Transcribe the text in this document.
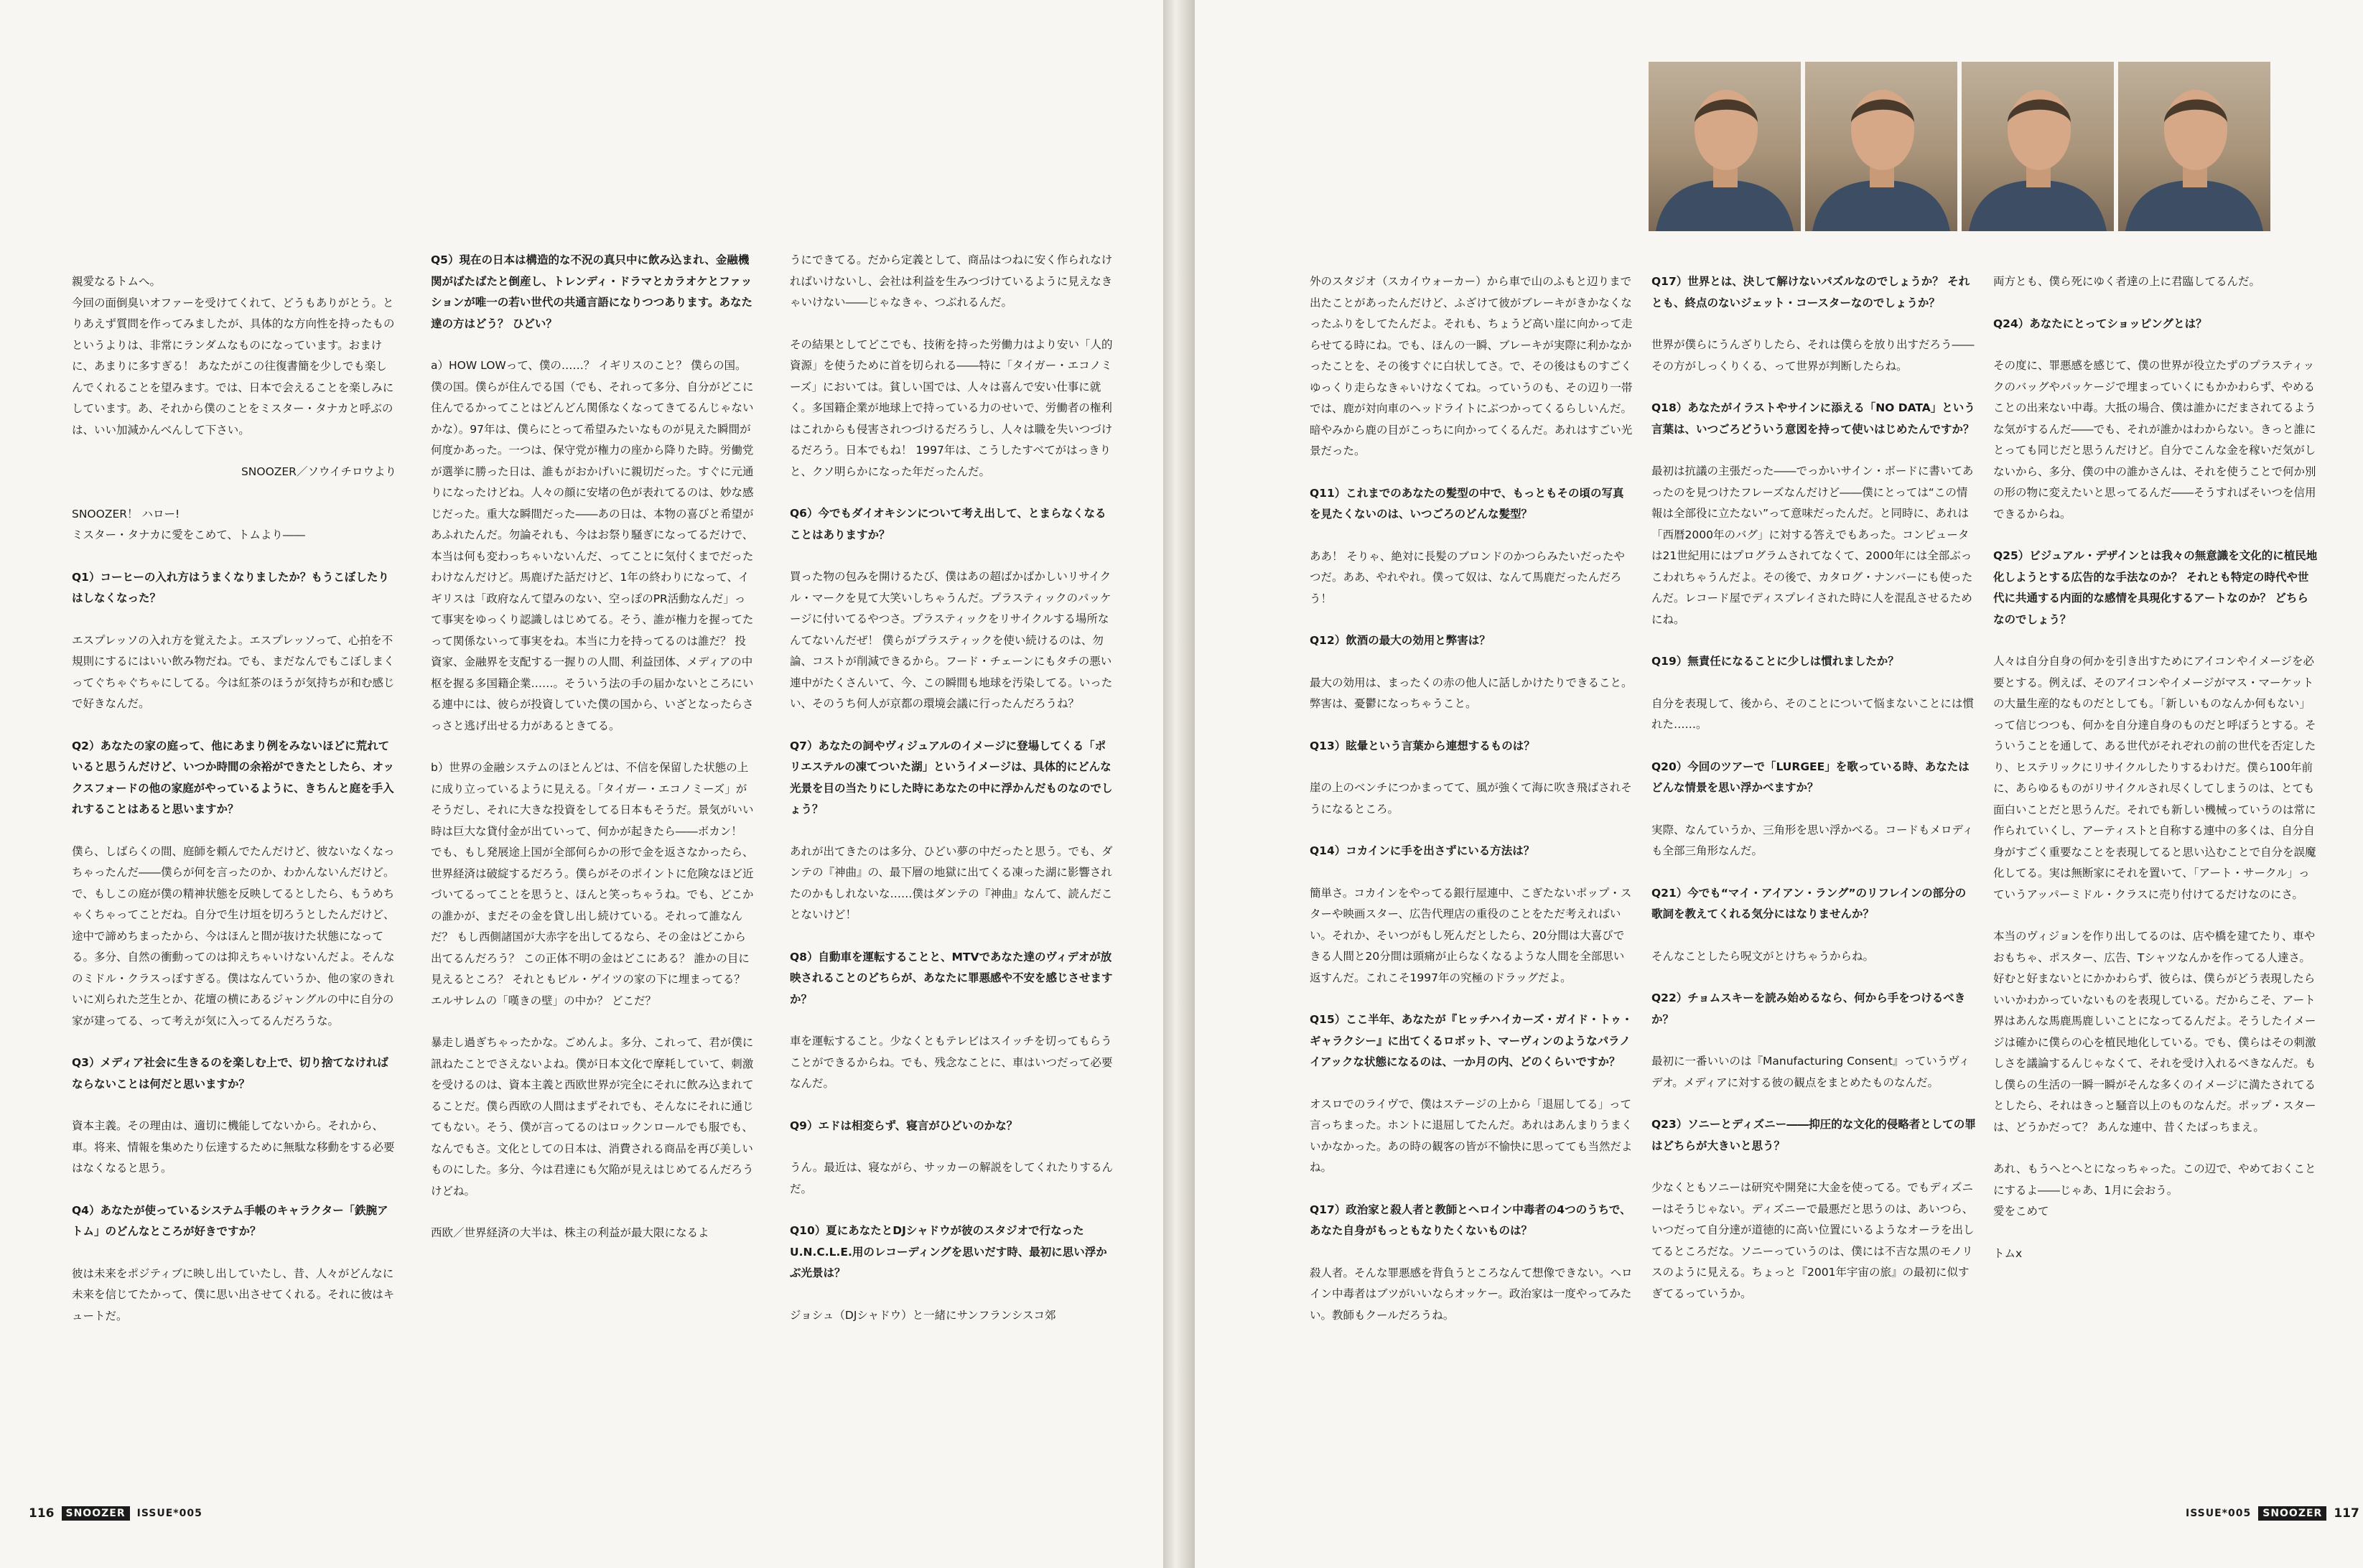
親愛なるトムへ。
今回の面倒臭いオファーを受けてくれて、どうもありがとう。とりあえず質問を作ってみましたが、具体的な方向性を持ったものというよりは、非常にランダムなものになっています。おまけに、あまりに多すぎる！ あなたがこの往復書簡を少しでも楽しんでくれることを望みます。では、日本で会えることを楽しみにしています。あ、それから僕のことをミスター・タナカと呼ぶのは、いい加減かんべんして下さい。

SNOOZER／ソウイチロウより

SNOOZER！ ハロー!
ミスター・タナカに愛をこめて、トムより――

Q1）コーヒーの入れ方はうまくなりましたか？もうこぼしたりはしなくなった？

エスプレッソの入れ方を覚えたよ。エスプレッソって、心拍を不規則にするにはいい飲み物だね。でも、まだなんでもこぼしまくってぐちゃぐちゃにしてる。今は紅茶のほうが気持ちが和む感じで好きなんだ。

Q2）あなたの家の庭って、他にあまり例をみないほどに荒れていると思うんだけど、いつか時間の余裕ができたとしたら、オックスフォードの他の家庭がやっているように、きちんと庭を手入れすることはあると思いますか？

僕ら、しばらくの間、庭師を頼んでたんだけど、彼ないなくなっちゃったんだ――僕らが何を言ったのか、わかんないんだけど。で、もしこの庭が僕の精神状態を反映してるとしたら、もうめちゃくちゃってことだね。自分で生け垣を切ろうとしたんだけど、途中で諦めちまったから、今はほんと間が抜けた状態になってる。多分、自然の衝動ってのは抑えちゃいけないんだよ。そんなのミドル・クラスっぽすぎる。僕はなんていうか、他の家のきれいに刈られた芝生とか、花壇の横にあるジャングルの中に自分の家が建ってる、って考えが気に入ってるんだろうな。

Q3）メディア社会に生きるのを楽しむ上で、切り捨てなければならないことは何だと思いますか？

資本主義。その理由は、適切に機能してないから。それから、車。将来、情報を集めたり伝達するために無駄な移動をする必要はなくなると思う。

Q4）あなたが使っているシステム手帳のキャラクター「鉄腕アトム」のどんなところが好きですか？

彼は未来をポジティブに映し出していたし、昔、人々がどんなに未来を信じてたかって、僕に思い出させてくれる。それに彼はキュートだ。

Q5）現在の日本は構造的な不況の真只中に飲み込まれ、金融機関がばたばたと倒産し、トレンディ・ドラマとカラオケとファッションが唯一の若い世代の共通言語になりつつあります。あなた達の方はどう？ ひどい？

a）HOW LOWって、僕の……？ イギリスのこと？ 僕らの国。僕の国。僕らが住んでる国（でも、それって多分、自分がどこに住んでるかってことはどんどん関係なくなってきてるんじゃないかな）。97年は、僕らにとって希望みたいなものが見えた瞬間が何度かあった。一つは、保守党が権力の座から降りた時。労働党が選挙に勝った日は、誰もがおかげいに親切だった。すぐに元通りになったけどね。人々の顔に安堵の色が表れてるのは、妙な感じだった。重大な瞬間だった――あの日は、本物の喜びと希望があふれたんだ。勿論それも、今はお祭り騒ぎになってるだけで、本当は何も変わっちゃいないんだ、ってことに気付くまでだったわけなんだけど。馬鹿げた話だけど、1年の終わりになって、イギリスは「政府なんて望みのない、空っぽのPR活動なんだ」って事実をゆっくり認識しはじめてる。そう、誰が権力を握ってたって関係ないって事実をね。本当に力を持ってるのは誰だ？ 投資家、金融界を支配する一握りの人間、利益団体、メディアの中枢を握る多国籍企業……。そういう法の手の届かないところにいる連中には、彼らが投資していた僕の国から、いざとなったらさっさと逃げ出せる力があるときてる。

b）世界の金融システムのほとんどは、不信を保留した状態の上に成り立っているように見える。「タイガー・エコノミーズ」がそうだし、それに大きな投資をしてる日本もそうだ。景気がいい時は巨大な貸付金が出ていって、何かが起きたら――ボカン！ でも、もし発展途上国が全部何らかの形で金を返さなかったら、世界経済は破綻するだろう。僕らがそのポイントに危険なほど近づいてるってことを思うと、ほんと笑っちゃうね。でも、どこかの誰かが、まだその金を貸し出し続けている。それって誰なんだ？ もし西側諸国が大赤字を出してるなら、その金はどこから出てるんだろう？ この正体不明の金はどこにある？ 誰かの目に見えるところ？ それともビル・ゲイツの家の下に埋まってる？ エルサレムの「嘆きの壁」の中か？ どこだ？

暴走し過ぎちゃったかな。ごめんよ。多分、これって、君が僕に訊ねたことでさえないよね。僕が日本文化で摩耗していて、刺激を受けるのは、資本主義と西欧世界が完全にそれに飲み込まれてることだ。僕ら西欧の人間はまずそれでも、そんなにそれに通じてもない。そう、僕が言ってるのはロックンロールでも服でも、なんでもさ。文化としての日本は、消費される商品を再び美しいものにした。多分、今は君達にも欠陥が見えはじめてるんだろうけどね。

西欧／世界経済の大半は、株主の利益が最大限になるよ

うにできてる。だから定義として、商品はつねに安く作られなければいけないし、会社は利益を生みつづけているように見えなきゃいけない――じゃなきゃ、つぶれるんだ。

その結果としてどこでも、技術を持った労働力はより安い「人的資源」を使うために首を切られる――特に「タイガー・エコノミーズ」においては。貧しい国では、人々は喜んで安い仕事に就く。多国籍企業が地球上で持っている力のせいで、労働者の権利はこれからも侵害されつづけるだろうし、人々は職を失いつづけるだろう。日本でもね！ 1997年は、こうしたすべてがはっきりと、クソ明らかになった年だったんだ。

Q6）今でもダイオキシンについて考え出して、とまらなくなることはありますか？

買った物の包みを開けるたび、僕はあの超ばかばかしいリサイクル・マークを見て大笑いしちゃうんだ。プラスティックのパッケージに付いてるやつさ。プラスティックをリサイクルする場所なんてないんだぜ！ 僕らがプラスティックを使い続けるのは、勿論、コストが削減できるから。フード・チェーンにもタチの悪い連中がたくさんいて、今、この瞬間も地球を汚染してる。いったい、そのうち何人が京都の環境会議に行ったんだろうね？

Q7）あなたの詞やヴィジュアルのイメージに登場してくる「ポリエステルの凍てついた湖」というイメージは、具体的にどんな光景を目の当たりにした時にあなたの中に浮かんだものなのでしょう？

あれが出てきたのは多分、ひどい夢の中だったと思う。でも、ダンテの『神曲』の、最下層の地獄に出てくる凍った湖に影響されたのかもしれないな……僕はダンテの『神曲』なんて、読んだことないけど！

Q8）自動車を運転することと、MTVであなた達のヴィデオが放映されることのどちらが、あなたに罪悪感や不安を感じさせますか？

車を運転すること。少なくともテレビはスイッチを切ってもらうことができるからね。でも、残念なことに、車はいつだって必要なんだ。

Q9）エドは相変らず、寝言がひどいのかな？

うん。最近は、寝ながら、サッカーの解説をしてくれたりするんだ。

Q10）夏にあなたとDJシャドウが彼のスタジオで行なったU.N.C.L.E.用のレコーディングを思いだす時、最初に思い浮かぶ光景は？

ジョシュ（DJシャドウ）と一緒にサンフランシスコ郊

116	SNOOZER	ISSUE*005

外のスタジオ（スカイウォーカー）から車で山のふもと辺りまで出たことがあったんだけど、ふざけて彼がブレーキがきかなくなったふりをしてたんだよ。それも、ちょうど高い崖に向かって走らせてる時にね。でも、ほんの一瞬、ブレーキが実際に利かなかったことを、その後すぐに白状してさ。で、その後はものすごくゆっくり走らなきゃいけなくてね。っていうのも、その辺り一帯では、鹿が対向車のヘッドライトにぶつかってくるらしいんだ。暗やみから鹿の目がこっちに向かってくるんだ。あれはすごい光景だった。

Q11）これまでのあなたの髪型の中で、もっともその頃の写真を見たくないのは、いつごろのどんな髪型？

ああ！ そりゃ、絶対に長髪のブロンドのかつらみたいだったやつだ。ああ、やれやれ。僕って奴は、なんて馬鹿だったんだろう！

Q12）飲酒の最大の効用と弊害は？

最大の効用は、まったくの赤の他人に話しかけたりできること。弊害は、憂鬱になっちゃうこと。

Q13）眩暈という言葉から連想するものは？

崖の上のベンチにつかまってて、風が強くて海に吹き飛ばされそうになるところ。

Q14）コカインに手を出さずにいる方法は？

簡単さ。コカインをやってる銀行屋連中、こぎたないポップ・スターや映画スター、広告代理店の重役のことをただ考えればいい。それか、そいつがもし死んだとしたら、20分間は大喜びできる人間と20分間は頭痛が止らなくなるような人間を全部思い返すんだ。これこそ1997年の究極のドラッグだよ。

Q15）ここ半年、あなたが『ヒッチハイカーズ・ガイド・トゥ・ギャラクシー』に出てくるロボット、マーヴィンのようなパラノイアックな状態になるのは、一か月の内、どのくらいですか？

オスロでのライヴで、僕はステージの上から「退屈してる」って言っちまった。ホントに退屈してたんだ。あれはあんまりうまくいかなかった。あの時の観客の皆が不愉快に思ってても当然だよね。

Q17）政治家と殺人者と教師とヘロイン中毒者の4つのうちで、あなた自身がもっともなりたくないものは？

殺人者。そんな罪悪感を背負うところなんて想像できない。ヘロイン中毒者はブツがいいならオッケー。政治家は一度やってみたい。教師もクールだろうね。

Q17）世界とは、決して解けないパズルなのでしょうか？ それとも、終点のないジェット・コースターなのでしょうか？

世界が僕らにうんざりしたら、それは僕らを放り出すだろう――その方がしっくりくる、って世界が判断したらね。

Q18）あなたがイラストやサインに添える「NO DATA」という言葉は、いつごろどういう意図を持って使いはじめたんですか？

最初は抗議の主張だった――でっかいサイン・ボードに書いてあったのを見つけたフレーズなんだけど――僕にとっては“この情報は全部役に立たない”って意味だったんだ。と同時に、あれは「西暦2000年のバグ」に対する答えでもあった。コンピュータは21世紀用にはプログラムされてなくて、2000年には全部ぶっこわれちゃうんだよ。その後で、カタログ・ナンバーにも使ったんだ。レコード屋でディスプレイされた時に人を混乱させるためにね。

Q19）無責任になることに少しは慣れましたか？

自分を表現して、後から、そのことについて悩まないことには慣れた……。

Q20）今回のツアーで「LURGEE」を歌っている時、あなたはどんな情景を思い浮かべますか？

実際、なんていうか、三角形を思い浮かべる。コードもメロディも全部三角形なんだ。

Q21）今でも“マイ・アイアン・ラング”のリフレインの部分の歌詞を教えてくれる気分にはなりませんか？

そんなことしたら呪文がとけちゃうからね。

Q22）チョムスキーを読み始めるなら、何から手をつけるべきか？

最初に一番いいのは『Manufacturing Consent』っていうヴィデオ。メディアに対する彼の観点をまとめたものなんだ。

Q23）ソニーとディズニー――抑圧的な文化的侵略者としての罪はどちらが大きいと思う？

少なくともソニーは研究や開発に大金を使ってる。でもディズニーはそうじゃない。ディズニーで最悪だと思うのは、あいつら、いつだって自分達が道徳的に高い位置にいるようなオーラを出してるところだな。ソニーっていうのは、僕には不吉な黒のモノリスのように見える。ちょっと『2001年宇宙の旅』の最初に似すぎてるっていうか。

両方とも、僕ら死にゆく者達の上に君臨してるんだ。

Q24）あなたにとってショッピングとは？

その度に、罪悪感を感じて、僕の世界が役立たずのプラスティックのバッグやパッケージで埋まっていくにもかかわらず、やめることの出来ない中毒。大抵の場合、僕は誰かにだまされてるような気がするんだ――でも、それが誰かはわからない。きっと誰にとっても同じだと思うんだけど。自分でこんな金を稼いだ気がしないから、多分、僕の中の誰かさんは、それを使うことで何か別の形の物に変えたいと思ってるんだ――そうすればそいつを信用できるからね。

Q25）ビジュアル・デザインとは我々の無意識を文化的に植民地化しようとする広告的な手法なのか？ それとも特定の時代や世代に共通する内面的な感情を具現化するアートなのか？ どちらなのでしょう？

人々は自分自身の何かを引き出すためにアイコンやイメージを必要とする。例えば、そのアイコンやイメージがマス・マーケットの大量生産的なものだとしても。「新しいものなんか何もない」って信じつつも、何かを自分達自身のものだと呼ぼうとする。そういうことを通して、ある世代がそれぞれの前の世代を否定したり、ヒステリックにリサイクルしたりするわけだ。僕ら100年前に、あらゆるものがリサイクルされ尽くしてしまうのは、とても面白いことだと思うんだ。それでも新しい機械っていうのは常に作られていくし、アーティストと自称する連中の多くは、自分自身がすごく重要なことを表現してると思い込むことで自分を誤魔化してる。実は無断家にそれを置いて、「アート・サークル」っていうアッパーミドル・クラスに売り付けてるだけなのにさ。

本当のヴィジョンを作り出してるのは、店や橋を建てたり、車やおもちゃ、ポスター、広告、Tシャツなんかを作ってる人達さ。好むと好まないとにかかわらず、彼らは、僕らがどう表現したらいいかわかっていないものを表現している。だからこそ、アート界はあんな馬鹿馬鹿しいことになってるんだよ。そうしたイメージは確かに僕らの心を植民地化している。でも、僕らはその刺激しさを議論するんじゃなくて、それを受け入れるべきなんだ。もし僕らの生活の一瞬一瞬がそんな多くのイメージに満たされてるとしたら、それはきっと騒音以上のものなんだ。ポップ・スターは、どうかだって？ あんな連中、昔くたばっちまえ。

あれ、もうへとへとになっちゃった。この辺で、やめておくことにするよ――じゃあ、1月に会おう。
愛をこめて

トムx

ISSUE*005	SNOOZER 117
